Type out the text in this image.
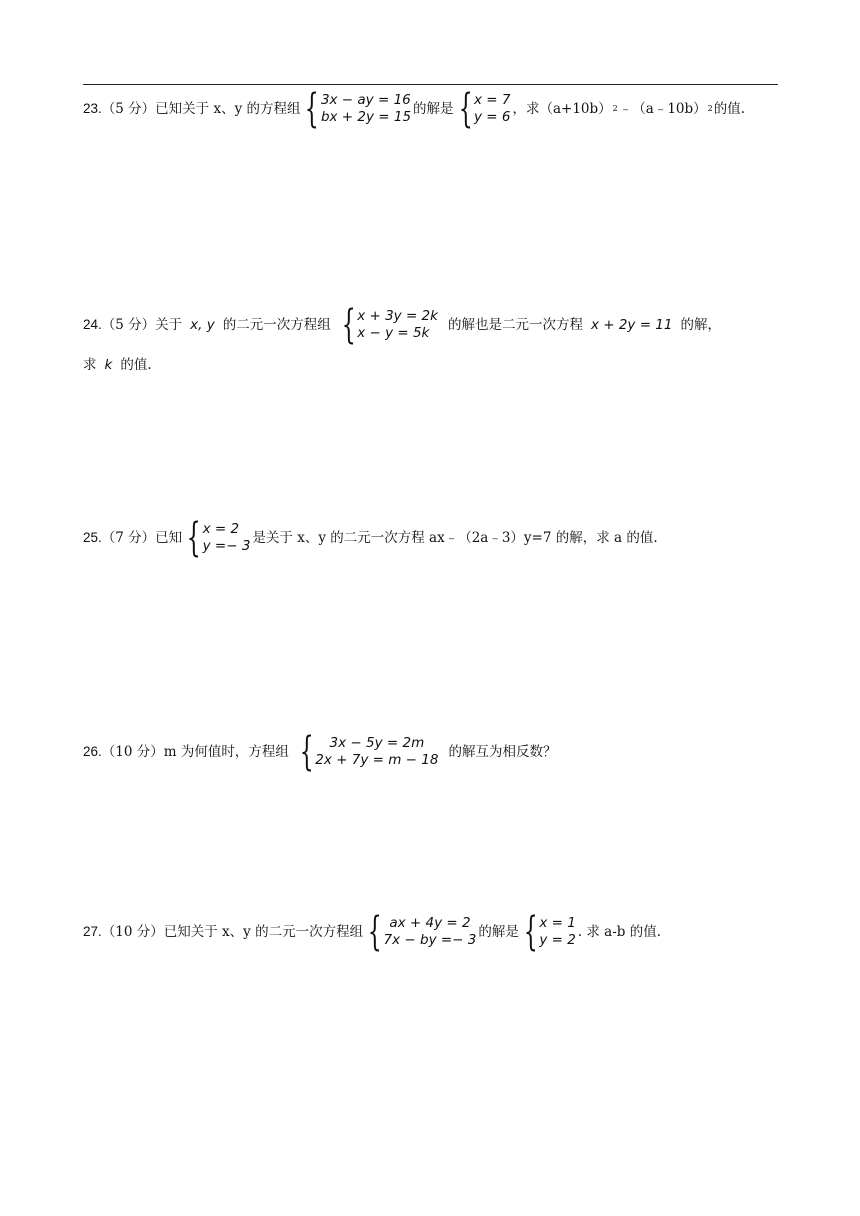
23. （5 分）已知关于 x、y 的方程组 { 3x − ay = 16
bx + 2y = 15 的解是 { x = 7
y = 6 ，求（a+10b） 2 ﹣（a﹣10b） 2 的值.
24. （5 分）关于 x, y 的二元一次方程组 { x + 3y = 2k
x − y = 5k	的解也是二元一次方程 x + 2y = 11 的解，
求 k 的值.
25. （7 分）已知 { x = 2
y =− 3 是关于 x、y 的二元一次方程 ax﹣（2a﹣3）y=7 的解，求 a 的值.
26. （10 分）m 为何值时，方程组 { 3x − 5y = 2m
2x + 7y = m − 18 的解互为相反数？
27. （10 分）已知关于 x、y 的二元一次方程组 { ax + 4y = 2
7x − by =− 3 的解是 { x = 1
y = 2 . 求 a-b 的值.
